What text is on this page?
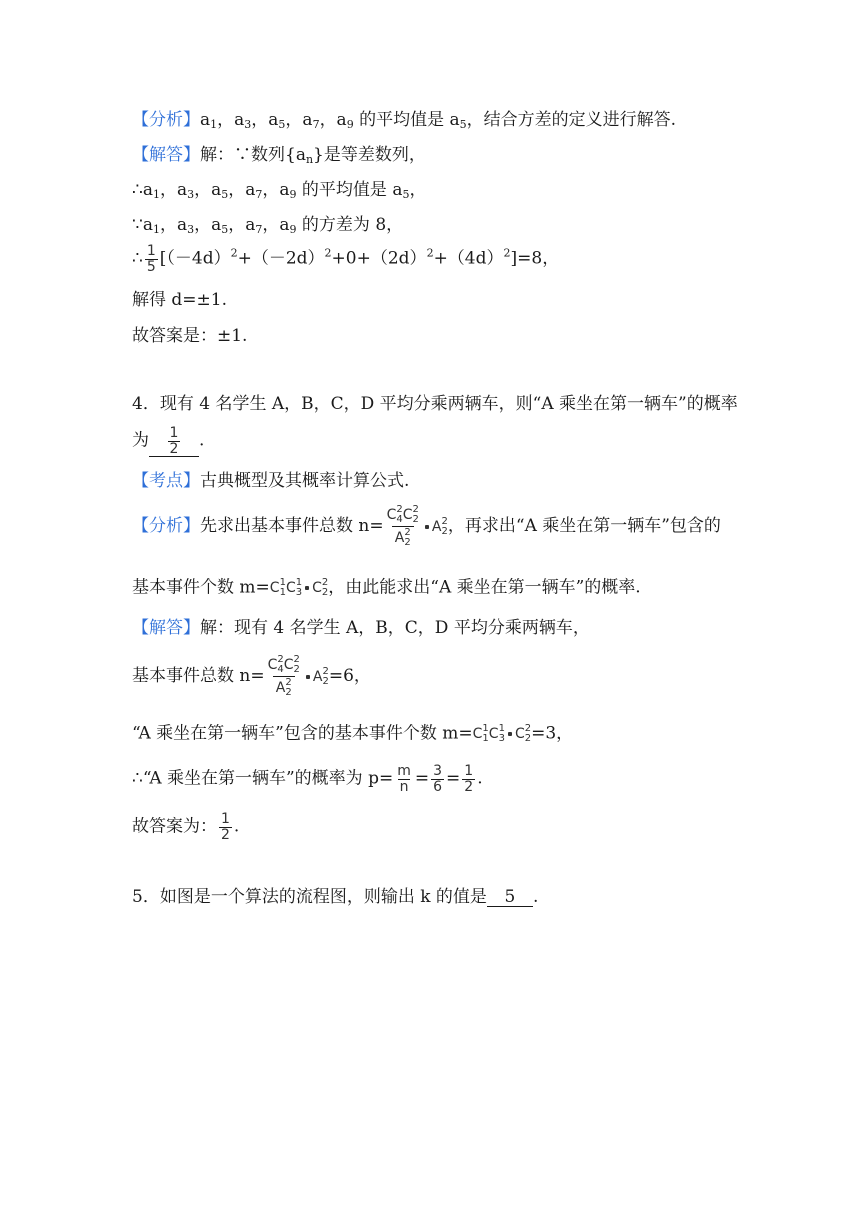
【分析】$a_1$，$a_3$，$a_5$，$a_7$，$a_9$ 的平均值是 $a_5$，结合方差的定义进行解答.
【解答】解：∵数列$\{a_n\}$是等差数列，
$\therefore a_1$，$a_3$，$a_5$，$a_7$，$a_9$ 的平均值是 $a_5$，
$\because a_1$，$a_3$，$a_5$，$a_7$，$a_9$ 的方差为 8，
∴ $\frac{1}{5} [(-4d)^2+(-2d)^2+0+(2d)^2+(4d)^2]=8$，
解得 d=±1.
故答案是：±1.
4．现有 4 名学生 A，B，C，D 平均分乘两辆车，则“A 乘坐在第一辆车”的概率
为 $\frac{1}{2}$ .
【考点】古典概型及其概率计算公式.
【分析】先求出基本事件总数 n= C 2
4 C 2
2
A 2
2 A 2
2 ，再求出“A 乘坐在第一辆车”包含的
基本事件个数 m=C 1
1 C 1
3 C 2
2 ，由此能求出“A 乘坐在第一辆车”的概率.
【解答】解：现有 4 名学生 A，B，C，D 平均分乘两辆车，
基本事件总数 n= C 2
4 C 2
2
A 2
2 A 2
2 =6，
“A 乘坐在第一辆车”包含的基本事件个数 m=C 1
1 C 1
3 C 2
2 =3，
∴“A 乘坐在第一辆车”的概率为 $p= \frac{m}{n} = \frac{3}{6} = \frac{1}{2}$ .
故答案为： $\frac{1}{2}$ .
5．如图是一个算法的流程图，则输出 k 的值是 5 .
